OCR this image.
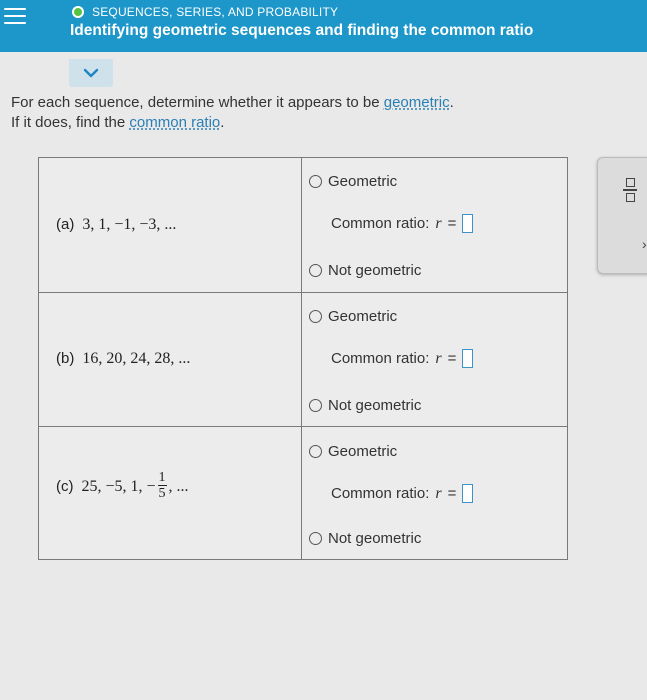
SEQUENCES, SERIES, AND PROBABILITY
Identifying geometric sequences and finding the common ratio
For each sequence, determine whether it appears to be geometric.
If it does, find the common ratio.
(a) 3, 1, −1, −3, ...
Geometric
Common ratio: r =
Not geometric
(b) 16, 20, 24, 28, ...
Geometric
Common ratio: r =
Not geometric
(c) 25, −5, 1, − $\frac{1}{5}$ , ...
Geometric
Common ratio: r =
Not geometric
›
